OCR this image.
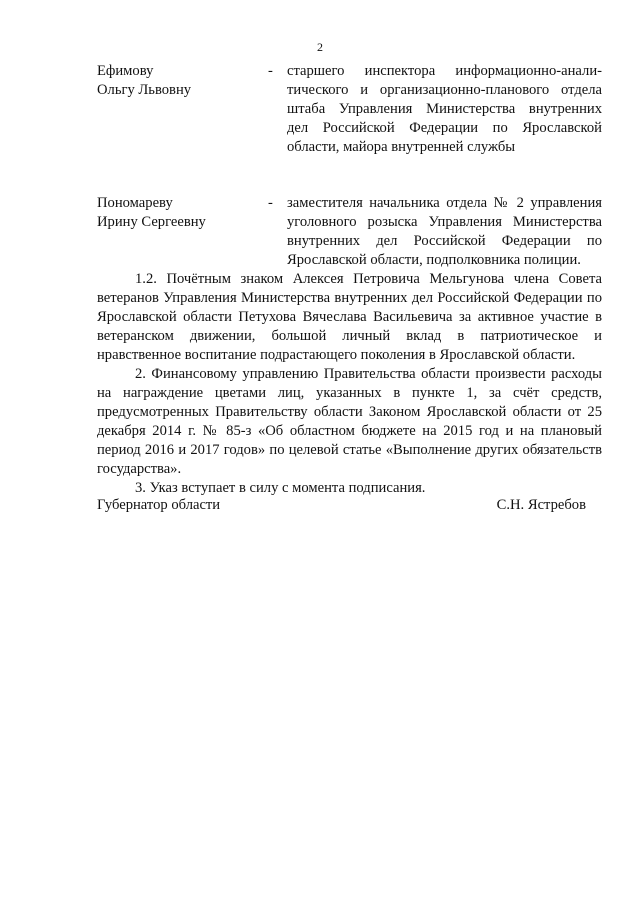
2
Ефимову
Ольгу Львовну
- старшего инспектора информационно-анали-
тического и организационно-планового отдела
штаба Управления Министерства внутренних
дел Российской Федерации по Ярославской
области, майора внутренней службы
Пономареву
Ирину Сергеевну
- заместителя начальника отдела № 2 управления
уголовного розыска Управления Министерства
внутренних дел Российской Федерации по
Ярославской области, подполковника полиции.

1.2. Почётным знаком Алексея Петровича Мельгунова члена Совета ветеранов Управления Министерства внутренних дел Российской Федерации по Ярославской области Петухова Вячеслава Васильевича за активное участие в ветеранском движении, большой личный вклад в патриотическое и нравственное воспитание подрастающего поколения в Ярославской области.

2. Финансовому управлению Правительства области произвести расходы на награждение цветами лиц, указанных в пункте 1, за счёт средств, предусмотренных Правительству области Законом Ярославской области от 25 декабря 2014 г. № 85-з «Об областном бюджете на 2015 год и на плановый период 2016 и 2017 годов» по целевой статье «Выполнение других обязательств государства».

3. Указ вступает в силу с момента подписания.

Губернатор области	С.Н. Ястребов
